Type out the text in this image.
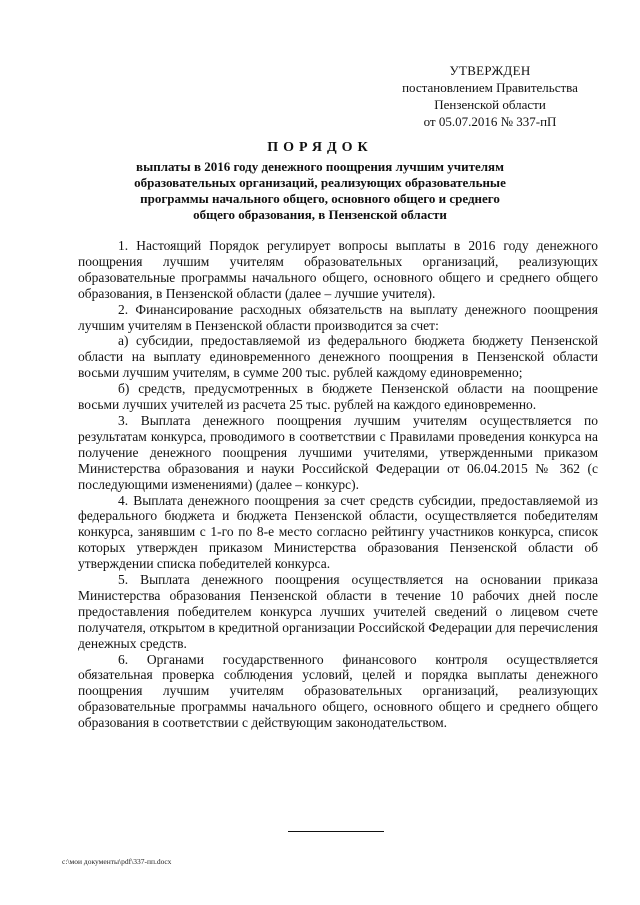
УТВЕРЖДЕН
постановлением Правительства
Пензенской области
от 05.07.2016 № 337-пП
ПОРЯДОК
выплаты в 2016 году денежного поощрения лучшим учителям
образовательных организаций, реализующих образовательные
программы начального общего, основного общего и среднего
общего образования, в Пензенской области

1. Настоящий Порядок регулирует вопросы выплаты в 2016 году денежного поощрения лучшим учителям образовательных организаций, реализующих образовательные программы начального общего, основного общего и среднего общего образования, в Пензенской области (далее – лучшие учителя).

2. Финансирование расходных обязательств на выплату денежного поощрения лучшим учителям в Пензенской области производится за счет:

а) субсидии, предоставляемой из федерального бюджета бюджету Пензенской области на выплату единовременного денежного поощрения в Пензенской области восьми лучшим учителям, в сумме 200 тыс. рублей каждому единовременно;

б) средств, предусмотренных в бюджете Пензенской области на поощрение восьми лучших учителей из расчета 25 тыс. рублей на каждого единовременно.

3. Выплата денежного поощрения лучшим учителям осуществляется по результатам конкурса, проводимого в соответствии с Правилами проведения конкурса на получение денежного поощрения лучшими учителями, утвержденными приказом Министерства образования и науки Российской Федерации от 06.04.2015 № 362 (с последующими изменениями) (далее – конкурс).

4. Выплата денежного поощрения за счет средств субсидии, предоставляемой из федерального бюджета и бюджета Пензенской области, осуществляется победителям конкурса, занявшим с 1-го по 8-е место согласно рейтингу участников конкурса, список которых утвержден приказом Министерства образования Пензенской области об утверждении списка победителей конкурса.

5. Выплата денежного поощрения осуществляется на основании приказа Министерства образования Пензенской области в течение 10 рабочих дней после предоставления победителем конкурса лучших учителей сведений о лицевом счете получателя, открытом в кредитной организации Российской Федерации для перечисления денежных средств.

6. Органами государственного финансового контроля осуществляется обязательная проверка соблюдения условий, целей и порядка выплаты денежного поощрения лучшим учителям образовательных организаций, реализующих образовательные программы начального общего, основного общего и среднего общего образования в соответствии с действующим законодательством.

c:\мои документы\pdf\337-пп.docx
